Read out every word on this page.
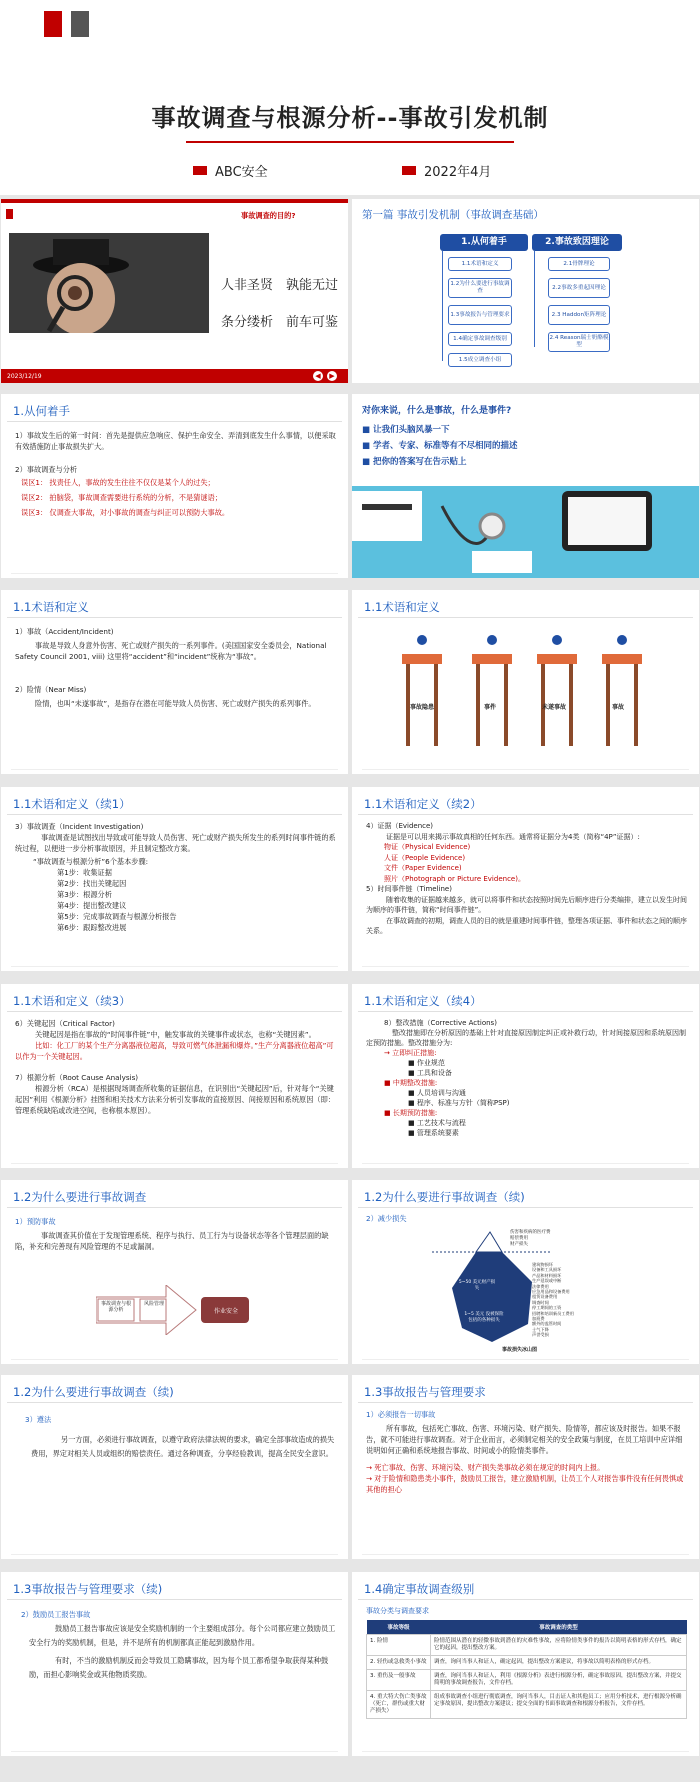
事故调查与根源分析--事故引发机制
ABC安全	2022年4月
事故调查的目的?
人非圣贤 孰能无过
条分缕析 前车可鉴
2023/12/19	◀	▶
第一篇 事故引发机制（事故调查基础）
1.从何着手	2.事故致因理论
1.1术语和定义
1.2为什么要进行事故调查
1.3事故报告与管理要求
1.4确定事故调查级别
1.5成立调查小组
2.1骨牌理论
2.2事故多重起因理论
2.3 Haddon矩阵理论
2.4 Reason瑞士奶酪模型
1.从何着手

1）事故发生后的第一时间：首先是提供应急响应、保护生命安全、弄清到底发生什么事情，以便采取有效措施防止事故损失扩大。

2）事故调查与分析

误区1： 找责任人，事故的发生往往不仅仅是某个人的过失；

误区2： 拍脑袋，事故调查需要进行系统的分析，不是猜谜语；

误区3： 仅调查大事故，对小事故的调查与纠正可以预防大事故。

对你来说，什么是事故，什么是事件?

■ 让我们头脑风暴一下

■ 学者、专家、标准等有不尽相同的描述

■ 把你的答案写在告示贴上

1.1术语和定义

1）事故（Accident/Incident)

事故是导致人身意外伤害、死亡或财产损失的一系列事件。(美国国家安全委员会，National Safety Council 2001, viii) 这里将“accident”和“incident”统称为“事故”。

2）险情（Near Miss)

险情，也叫“未遂事故”，是指存在潜在可能导致人员伤害、死亡或财产损失的系列事件。

1.1术语和定义
事故隐患	事件	未遂事故	事故
1.1术语和定义（续1）

3）事故调查（Incident Investigation)

事故调查是试图找出导致或可能导致人员伤害、死亡或财产损失所发生的系列时间事件链的系统过程，以便进一步分析事故原因，并且制定整改方案。

“事故调查与根源分析”6个基本步骤:

第1步：收集证据

第2步：找出关键起因

第3步：根源分析

第4步：提出整改建议

第5步：完成事故调查与根源分析报告

第6步：跟踪整改进展

1.1术语和定义（续2）

4）证据（Evidence)

证据是可以用来揭示事故真相的任何东西。通常将证据分为4类（简称“4P”证据）:

物证（Physical Evidence)

人证（People Evidence)

文件（Paper Evidence)

照片（Photograph or Picture Evidence)。

5）时间事件链（Timeline)

随着收集的证据越来越多，就可以将事件和状态按照时间先后顺序进行分类编排，建立以发生时间为顺序的事件链，简称“时间事件链”。

在事故调查的初期，调查人员的目的就是重建时间事件链，整理各项证据、事件和状态之间的顺序关系。

1.1术语和定义（续3）

6）关键起因（Critical Factor)

关键起因是指在事故的“时间事件链”中，触发事故的关键事件或状态，也称“关键因素”。

比如：化工厂的某个生产分离器液位超高，导致可燃气体泄漏和爆炸。”生产分离器液位超高”可以作为一个关键起因。

7）根源分析（Root Cause Analysis)

根源分析（RCA）是根据现场调查所收集的证据信息，在识别出“关键起因”后，针对每个“关键起因”利用《根源分析》挂图和相关技术方法来分析引发事故的直接原因、间接原因和系统原因（即：管理系统缺陷或改进空间，也称根本原因）。

1.1术语和定义（续4）

8）整改措施（Corrective Actions)

整改措施即在分析原因的基础上针对直接原因制定纠正或补救行动，针对间接原因和系统原因制定预防措施。整改措施分为:

→ 立即纠正措施:

■ 作业规范

■ 工具和设备

■ 中期整改措施:

■ 人员培训与沟通

■ 程序、标准与方针（简称PSP)

■ 长期预防措施:

■ 工艺技术与流程

■ 管理系统要素

1.2为什么要进行事故调查

1）预防事故

事故调查其价值在于发现管理系统、程序与执行、员工行为与设备状态等各个管理层面的缺陷，补充和完善现有风险管理的不足或漏洞。

事故调查与根源分析
风险管理
作业安全
1.2为什么要进行事故调查（续)
2）减少损失

伤害和疾病的医疗费

赔偿费用

财产损失

建筑物损坏

设备和工具损坏

产品和材料损坏

生产延误或中断

法律费用

应急用品和设备费用

租赁设备费用

调查时间

停工期间的工资

招聘和培训新员工费用

加班费

额外的监管时间

士气下降

声誉受损

5~50 美元财产损失
1~5 美元 没被保险包括的各种损失
事故损失冰山图
1.2为什么要进行事故调查（续)

3）遵法

另一方面，必须进行事故调查，以遵守政府法律法规的要求，确定全部事故造成的损失费用，界定对相关人员或组织的赔偿责任。通过各种调查，分享经验教训，提高全民安全意识。

1.3事故报告与管理要求

1）必须报告一切事故

所有事故，包括死亡事故、伤害、环境污染、财产损失、险情等，都应该及时报告。如果不报告，就不可能进行事故调查。对于企业而言，必须制定相关的安全政策与制度，在员工培训中应详细说明如何正确和系统地报告事故、时间或小的险情类事件。

→ 死亡事故、伤害、环境污染、财产损失类事故必须在规定的时间内上报。

→ 对于险情和隐患类小事件，鼓励员工报告，建立激励机制，让员工个人对报告事件没有任何畏惧或其他的担心

1.3事故报告与管理要求（续)

2）鼓励员工报告事故

鼓励员工报告事故应该是安全奖励机制的一个主要组成部分。每个公司都应建立鼓励员工安全行为的奖励机制，但是，并不是所有的机制都真正能起到激励作用。

有时，不当的激励机制反而会导致员工隐瞒事故，因为每个员工都希望争取获得某种鼓励，而担心影响奖金或其他物质奖励。

1.4确定事故调查级别
事故分类与调查要求
事故等级	事故调查的类型
1. 险情	险情范围从潜在的轻微事故到潜在的灾难性事故，应将险情类事件的报告以简明表格的形式存档，确定它的起因，提出整改方案。
2. 轻伤或急救类小事故	调查，询问当事人和证人，确定起因，提出整改方案建议，将事故以简明表格的形式存档。
3. 重伤及一般事故	调查，询问当事人和证人，利用《根源分析》表进行根源分析，确定事故原因，提出整改方案，并提交简明的事故调查报告，文件存档。
4. 重大特大伤亡类事故（死亡，群伤或重大财产损失）	组成事故调查小组进行彻底调查，询问当事人，目击证人和其他员工；应用分析技术，进行根源分析确定事故原因，提出整改方案建议；提交全面的书面事故调查和根源分析报告，文件存档。
